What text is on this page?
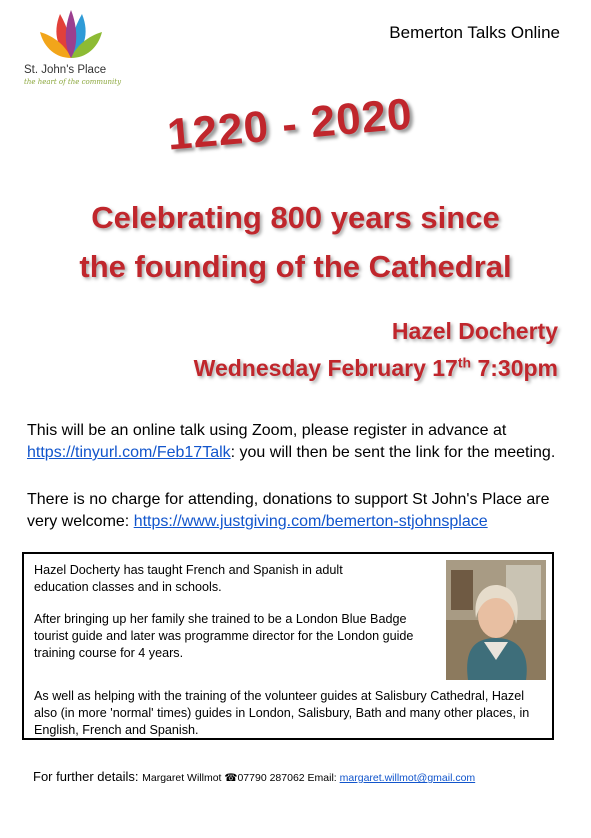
St. John's Place
the heart of the community
Bemerton Talks Online
1220 - 2020
Celebrating 800 years since
the founding of the Cathedral
Hazel Docherty
Wednesday February 17th 7:30pm
This will be an online talk using Zoom, please register in advance at https://tinyurl.com/Feb17Talk: you will then be sent the link for the meeting.
There is no charge for attending, donations to support St John's Place are very welcome: https://www.justgiving.com/bemerton-stjohnsplace
Hazel Docherty has taught French and Spanish in adult education classes and in schools.
After bringing up her family she trained to be a London Blue Badge tourist guide and later was programme director for the London guide training course for 4 years.
As well as helping with the training of the volunteer guides at Salisbury Cathedral, Hazel also (in more 'normal' times) guides in London, Salisbury, Bath and many other places, in English, French and Spanish.
For further details: Margaret Willmot ☎07790 287062 Email: margaret.willmot@gmail.com
